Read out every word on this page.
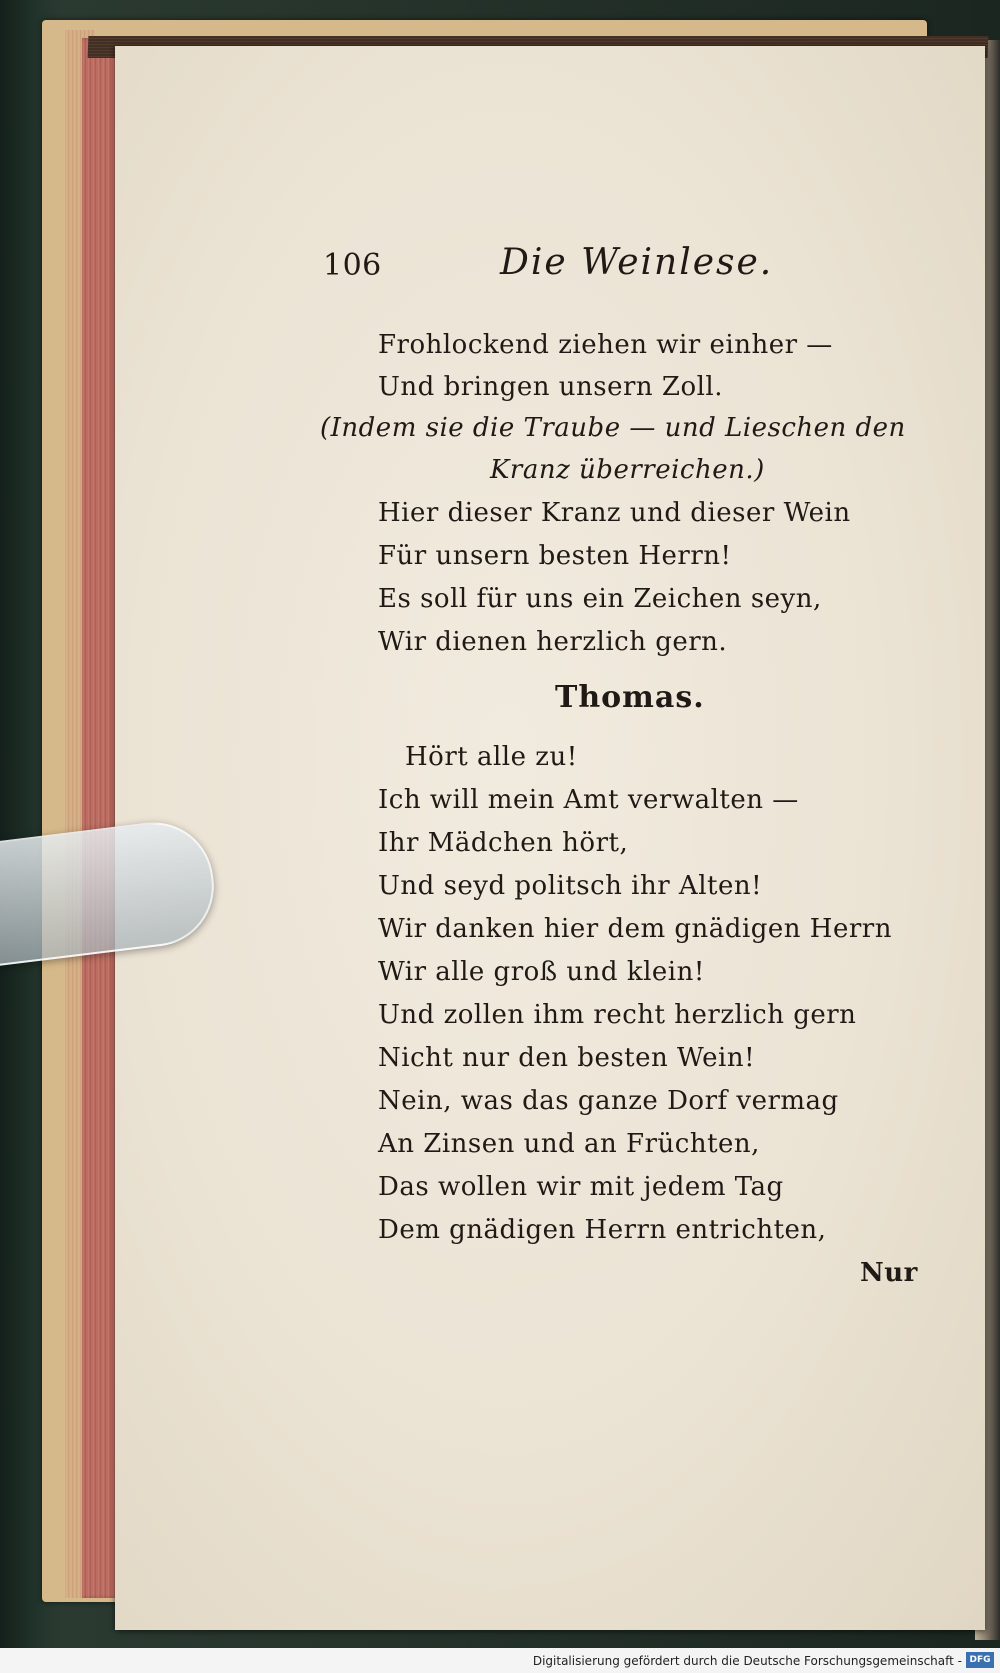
106	Die Weinlese.
Frohlockend ziehen wir einher —
Und bringen unsern Zoll.
(Indem sie die Traube — und Lieschen den
Kranz überreichen.)
Hier dieser Kranz und dieser Wein
Für unsern besten Herrn!
Es soll für uns ein Zeichen seyn,
Wir dienen herzlich gern.
Thomas.
Hört alle zu!
Ich will mein Amt verwalten —
Ihr Mädchen hört,
Und seyd politsch ihr Alten!
Wir danken hier dem gnädigen Herrn
Wir alle groß und klein!
Und zollen ihm recht herzlich gern
Nicht nur den besten Wein!
Nein, was das ganze Dorf vermag
An Zinsen und an Früchten,
Das wollen wir mit jedem Tag
Dem gnädigen Herrn entrichten,
Nur
Digitalisierung gefördert durch die Deutsche Forschungsgemeinschaft - DFG
